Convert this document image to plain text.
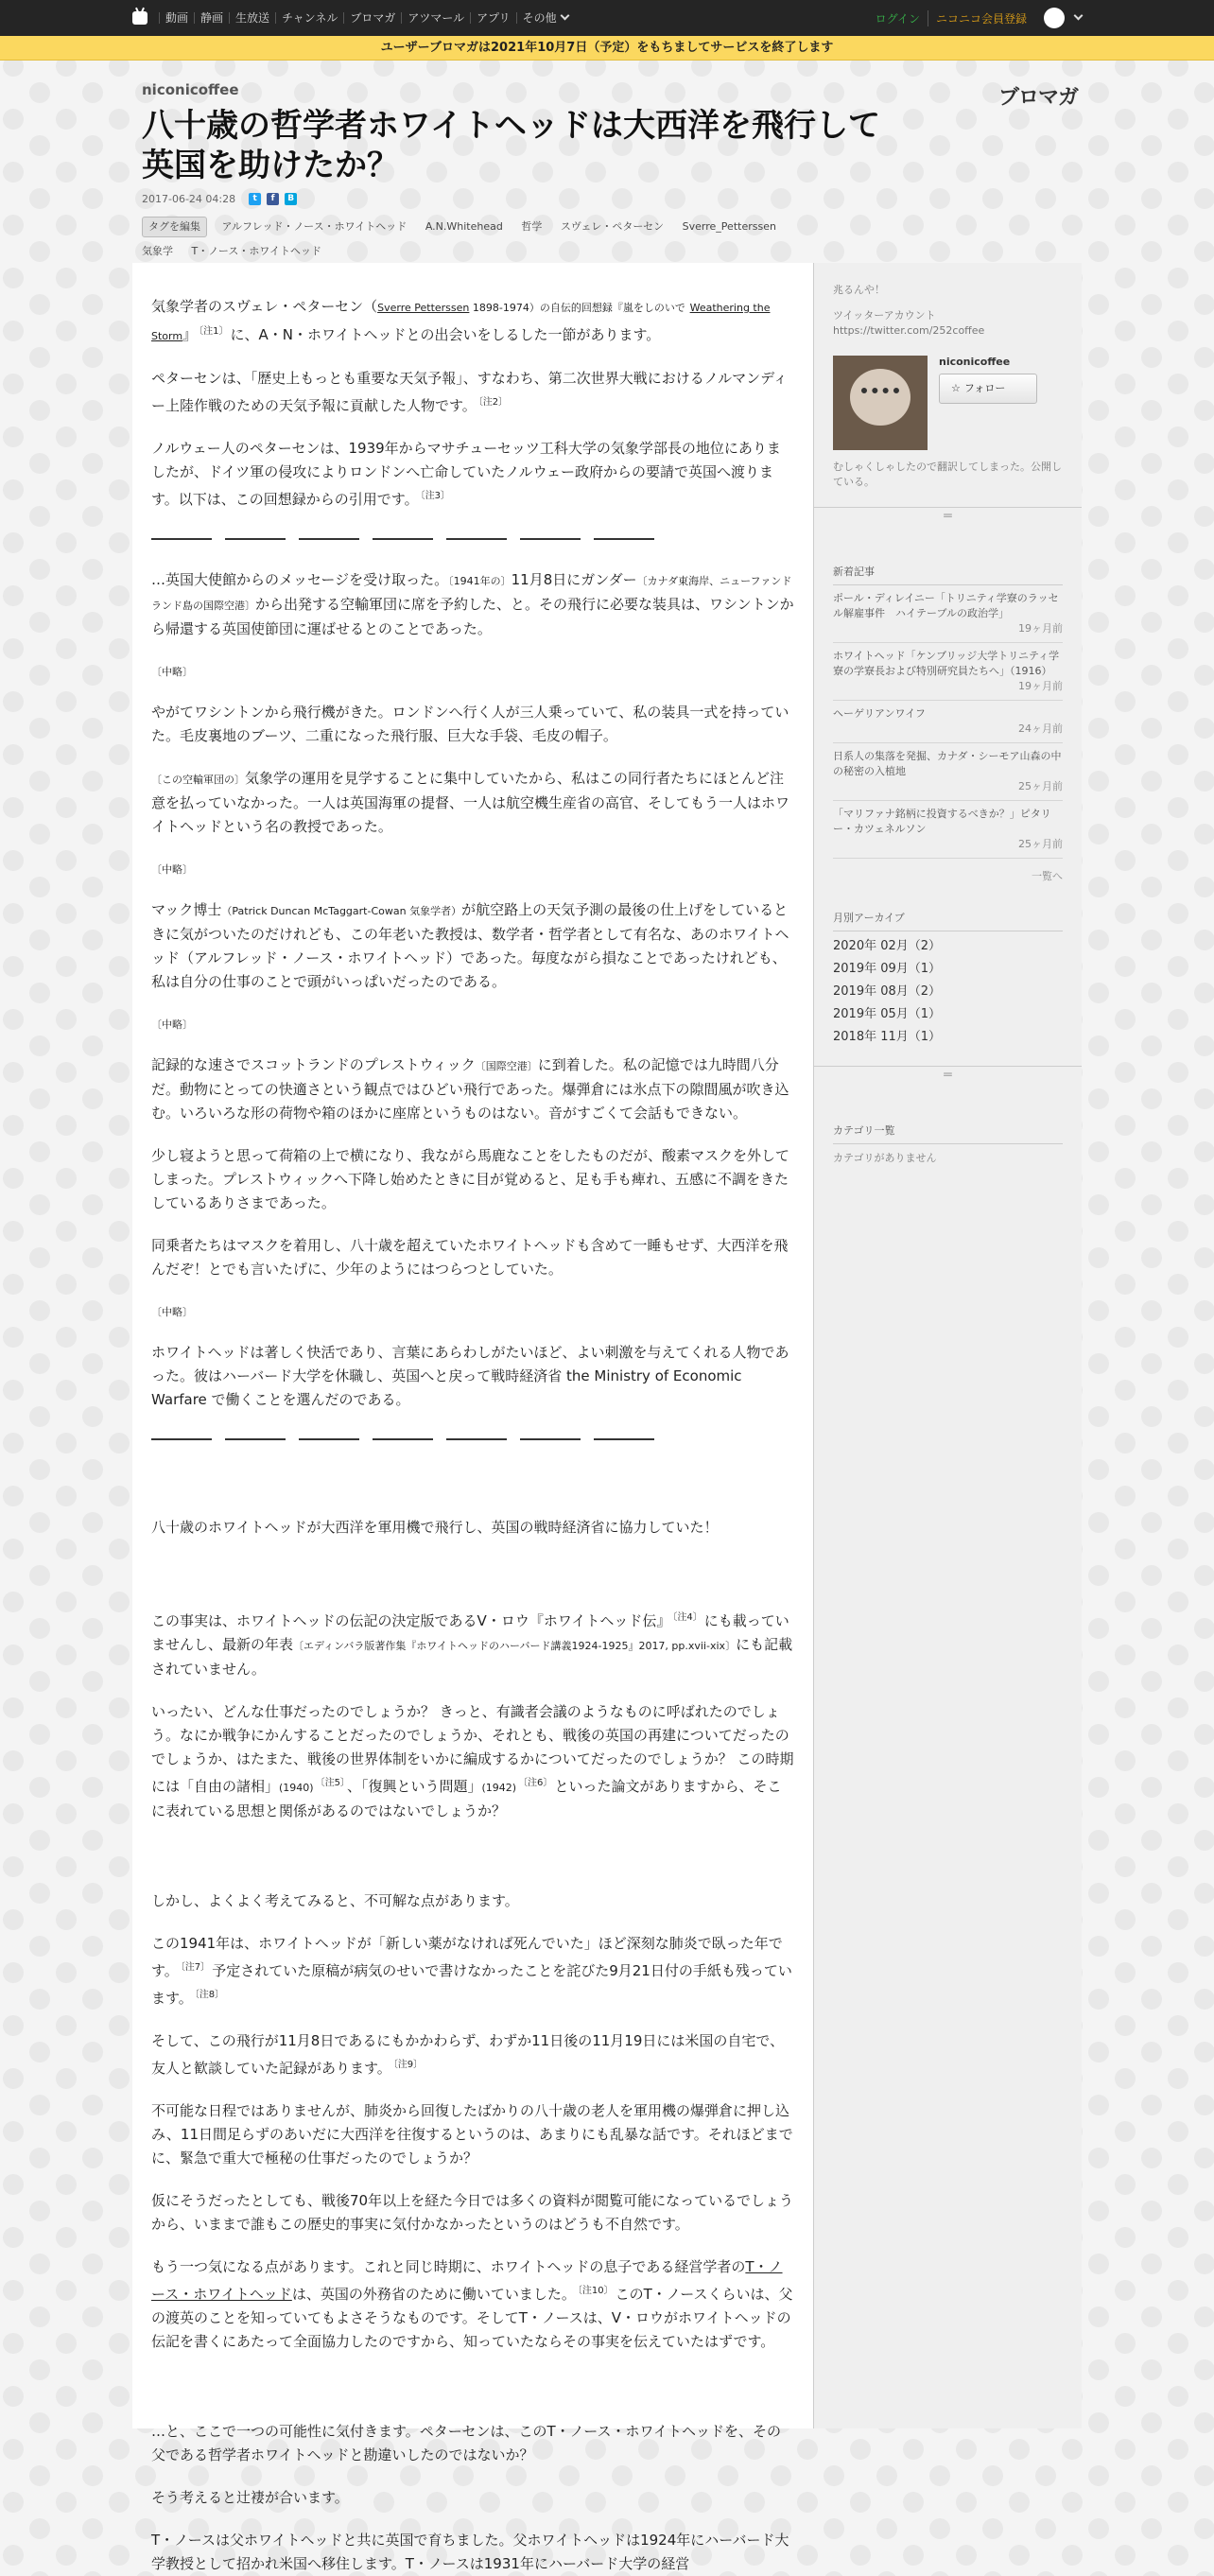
動画	静画	生放送	チャンネル	ブロマガ	アツマール	アプリ	その他	ログイン	ニコニコ会員登録
ユーザーブロマガは2021年10月7日（予定）をもちましてサービスを終了します
niconicoffee	ブロマガ
八十歳の哲学者ホワイトヘッドは大西洋を飛行して英国を助けたか？
2017-06-24 04:28	t	f	B
タグを編集 アルフレッド・ノース・ホワイトヘッド A.N.Whitehead 哲学 スヴェレ・ペターセン Sverre_Petterssen
気象学 T・ノース・ホワイトヘッド

気象学者のスヴェレ・ペターセン（Sverre Petterssen 1898-1974）の自伝的回想録『嵐をしのいで Weathering the Storm』 $^{〔注1〕}$ に、A・N・ホワイトヘッドとの出会いをしるした一節があります。

ペターセンは、「歴史上もっとも重要な天気予報」、すなわち、第二次世界大戦におけるノルマンディー上陸作戦のための天気予報に貢献した人物です。 $^{〔注2〕}$

ノルウェー人のペターセンは、1939年からマサチューセッツ工科大学の気象学部長の地位にありましたが、ドイツ軍の侵攻によりロンドンへ亡命していたノルウェー政府からの要請で英国へ渡ります。以下は、この回想録からの引用です。 $^{〔注3〕}$

…英国大使館からのメッセージを受け取った。〔1941年の〕11月8日にガンダー〔カナダ東海岸、ニューファンドランド島の国際空港〕から出発する空輸軍団に席を予約した、と。その飛行に必要な装具は、ワシントンから帰還する英国使節団に運ばせるとのことであった。

〔中略〕

やがてワシントンから飛行機がきた。ロンドンへ行く人が三人乗っていて、私の装具一式を持っていた。毛皮裏地のブーツ、二重になった飛行服、巨大な手袋、毛皮の帽子。

〔この空輸軍団の〕気象学の運用を見学することに集中していたから、私はこの同行者たちにほとんど注意を払っていなかった。一人は英国海軍の提督、一人は航空機生産省の高官、そしてもう一人はホワイトヘッドという名の教授であった。

〔中略〕

マック博士（Patrick Duncan McTaggart-Cowan 気象学者）が航空路上の天気予測の最後の仕上げをしているときに気がついたのだけれども、この年老いた教授は、数学者・哲学者として有名な、あのホワイトヘッド（アルフレッド・ノース・ホワイトヘッド）であった。毎度ながら損なことであったけれども、私は自分の仕事のことで頭がいっぱいだったのである。

〔中略〕

記録的な速さでスコットランドのプレストウィック〔国際空港〕に到着した。私の記憶では九時間八分だ。動物にとっての快適さという観点ではひどい飛行であった。爆弾倉には氷点下の隙間風が吹き込む。いろいろな形の荷物や箱のほかに座席というものはない。音がすごくて会話もできない。

少し寝ようと思って荷箱の上で横になり、我ながら馬鹿なことをしたものだが、酸素マスクを外してしまった。プレストウィックへ下降し始めたときに目が覚めると、足も手も痺れ、五感に不調をきたしているありさまであった。

同乗者たちはマスクを着用し、八十歳を超えていたホワイトヘッドも含めて一睡もせず、大西洋を飛んだぞ！とでも言いたげに、少年のようにはつらつとしていた。

〔中略〕

ホワイトヘッドは著しく快活であり、言葉にあらわしがたいほど、よい刺激を与えてくれる人物であった。彼はハーバード大学を休職し、英国へと戻って戦時経済省 the Ministry of Economic Warfare で働くことを選んだのである。

八十歳のホワイトヘッドが大西洋を軍用機で飛行し、英国の戦時経済省に協力していた！

この事実は、ホワイトヘッドの伝記の決定版であるV・ロウ『ホワイトヘッド伝』 $^{〔注4〕}$ にも載っていませんし、最新の年表〔エディンバラ版著作集『ホワイトヘッドのハーバード講義1924-1925』2017, pp.xvii-xix〕にも記載されていません。

いったい、どんな仕事だったのでしょうか？ きっと、有識者会議のようなものに呼ばれたのでしょう。なにか戦争にかんすることだったのでしょうか、それとも、戦後の英国の再建についてだったのでしょうか、はたまた、戦後の世界体制をいかに編成するかについてだったのでしょうか？ この時期には「自由の諸相」(1940) $^{〔注5〕}$ 、「復興という問題」(1942) $^{〔注6〕}$ といった論文がありますから、そこに表れている思想と関係があるのではないでしょうか？

しかし、よくよく考えてみると、不可解な点があります。

この1941年は、ホワイトヘッドが「新しい薬がなければ死んでいた」ほど深刻な肺炎で臥った年です。 $^{〔注7〕}$ 予定されていた原稿が病気のせいで書けなかったことを詫びた9月21日付の手紙も残っています。 $^{〔注8〕}$

そして、この飛行が11月8日であるにもかかわらず、わずか11日後の11月19日には米国の自宅で、友人と歓談していた記録があります。 $^{〔注9〕}$

不可能な日程ではありませんが、肺炎から回復したばかりの八十歳の老人を軍用機の爆弾倉に押し込み、11日間足らずのあいだに大西洋を往復するというのは、あまりにも乱暴な話です。それほどまでに、緊急で重大で極秘の仕事だったのでしょうか？

仮にそうだったとしても、戦後70年以上を経た今日では多くの資料が閲覧可能になっているでしょうから、いままで誰もこの歴史的事実に気付かなかったというのはどうも不自然です。

もう一つ気になる点があります。これと同じ時期に、ホワイトヘッドの息子である経営学者のT・ノース・ホワイトヘッドは、英国の外務省のために働いていました。 $^{〔注10〕}$ このT・ノースくらいは、父の渡英のことを知っていてもよさそうなものです。そしてT・ノースは、V・ロウがホワイトヘッドの伝記を書くにあたって全面協力したのですから、知っていたならその事実を伝えていたはずです。

…と、ここで一つの可能性に気付きます。ペターセンは、このT・ノース・ホワイトヘッドを、その父である哲学者ホワイトヘッドと勘違いしたのではないか？

そう考えると辻褄が合います。

T・ノースは父ホワイトヘッドと共に英国で育ちました。父ホワイトヘッドは1924年にハーバード大学教授として招かれ米国へ移住します。T・ノースは1931年にハーバード大学の経営

兆るんや！
ツイッターアカウント https://twitter.com/252coffee
niconicoffee
☆ フォロー
むしゃくしゃしたので翻訳してしまった。公開している。
═
新着記事
ポール・ディレイニー「トリニティ学寮のラッセル解雇事件　ハイテーブルの政治学」
19ヶ月前
ホワイトヘッド「ケンブリッジ大学トリニティ学寮の学寮長および特別研究員たちへ」（1916）
19ヶ月前
ヘーゲリアンワイフ
24ヶ月前
日系人の集落を発掘、カナダ・シーモア山森の中の秘密の入植地
25ヶ月前
「マリファナ銘柄に投資するべきか？」ピタリー・カツェネルソン
25ヶ月前
一覧へ
月別アーカイブ
2020年 02月（2）
2019年 09月（1）
2019年 08月（2）
2019年 05月（1）
2018年 11月（1）
═
カテゴリ一覧
カテゴリがありません
